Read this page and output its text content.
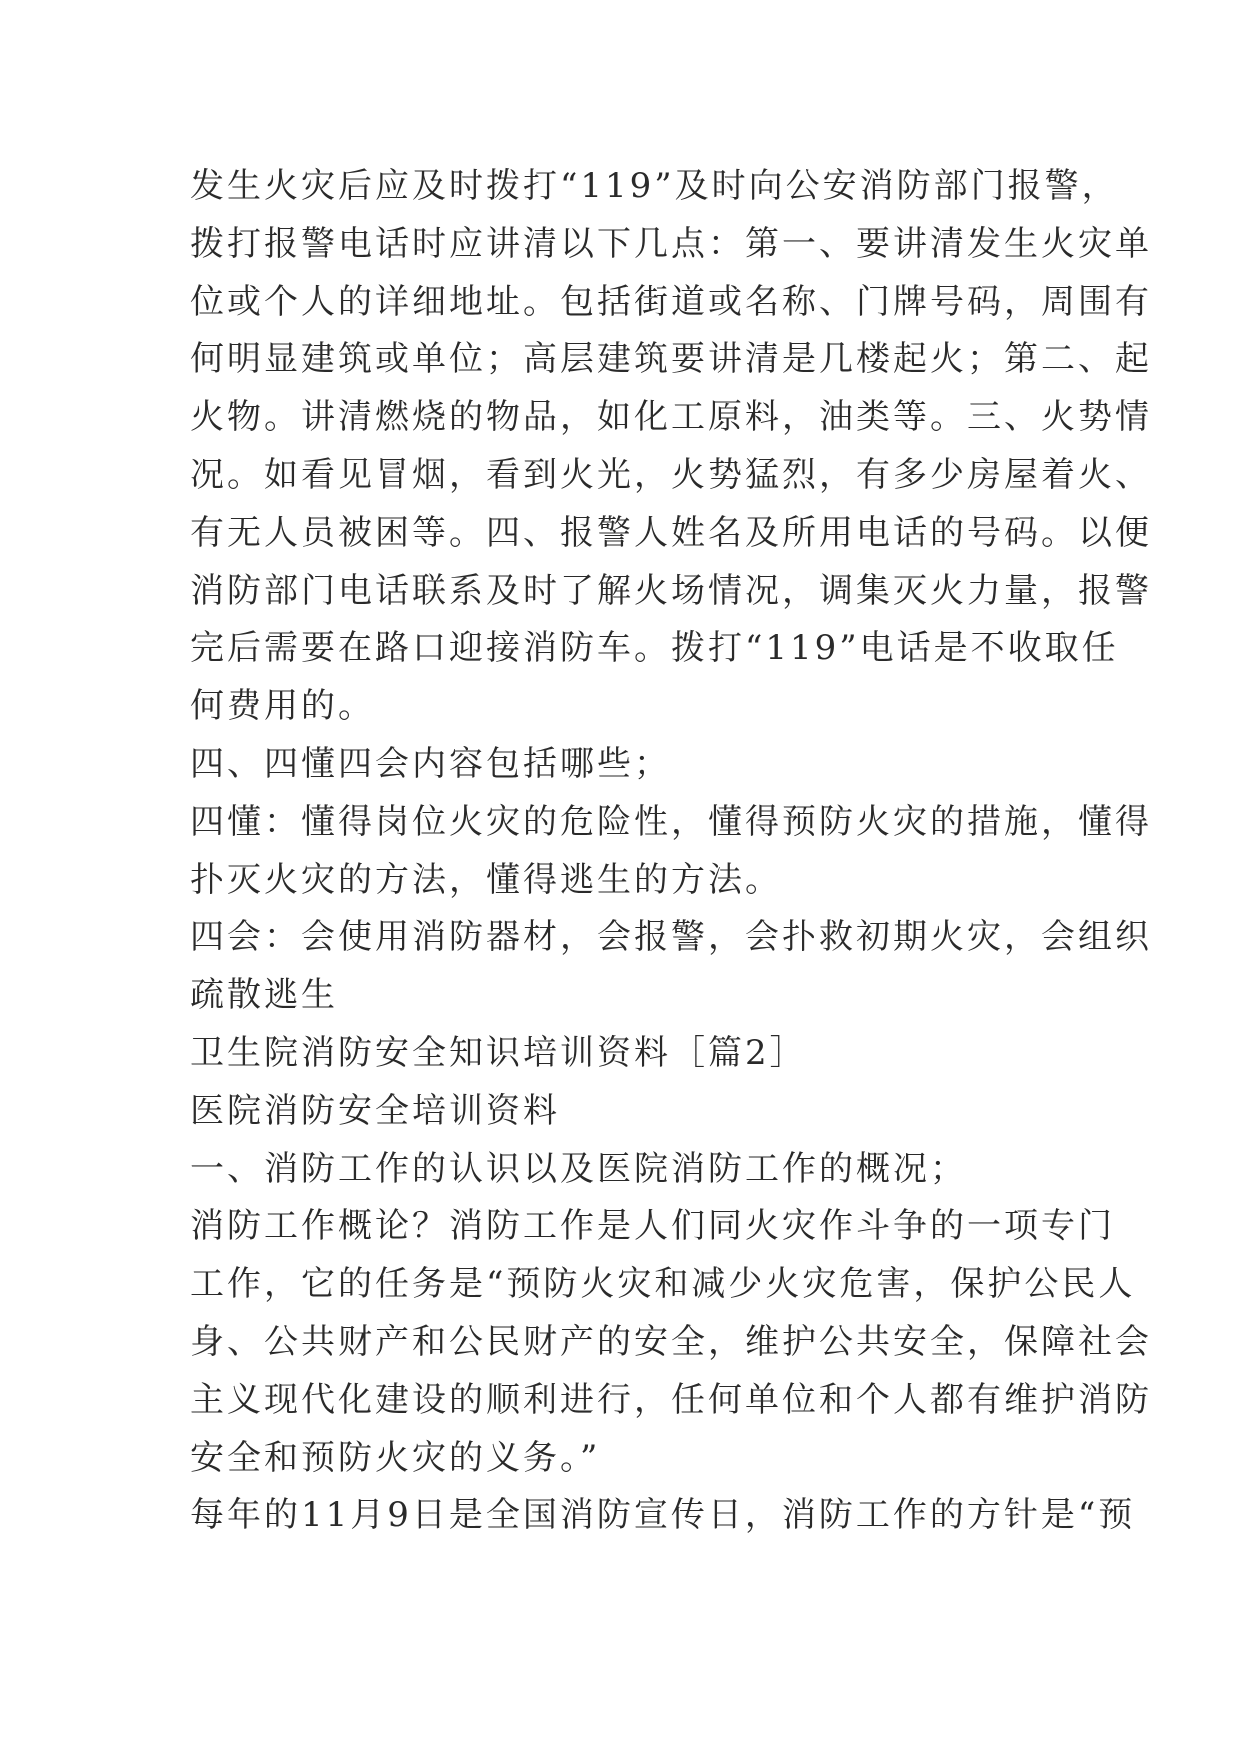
发生火灾后应及时拨打“119”及时向公安消防部门报警，
拨打报警电话时应讲清以下几点：第一、要讲清发生火灾单
位或个人的详细地址。包括街道或名称、门牌号码，周围有
何明显建筑或单位；高层建筑要讲清是几楼起火；第二、起
火物。讲清燃烧的物品，如化工原料，油类等。三、火势情
况。如看见冒烟，看到火光，火势猛烈，有多少房屋着火、
有无人员被困等。四、报警人姓名及所用电话的号码。以便
消防部门电话联系及时了解火场情况，调集灭火力量，报警
完后需要在路口迎接消防车。拨打“119”电话是不收取任
何费用的。
四、四懂四会内容包括哪些；
四懂：懂得岗位火灾的危险性，懂得预防火灾的措施，懂得
扑灭火灾的方法，懂得逃生的方法。
四会：会使用消防器材，会报警，会扑救初期火灾，会组织
疏散逃生
卫生院消防安全知识培训资料［篇2］
医院消防安全培训资料
一、消防工作的认识以及医院消防工作的概况；
消防工作概论？消防工作是人们同火灾作斗争的一项专门
工作，它的任务是“预防火灾和减少火灾危害，保护公民人
身、公共财产和公民财产的安全，维护公共安全，保障社会
主义现代化建设的顺利进行，任何单位和个人都有维护消防
安全和预防火灾的义务。”
每年的11月9日是全国消防宣传日，消防工作的方针是“预
